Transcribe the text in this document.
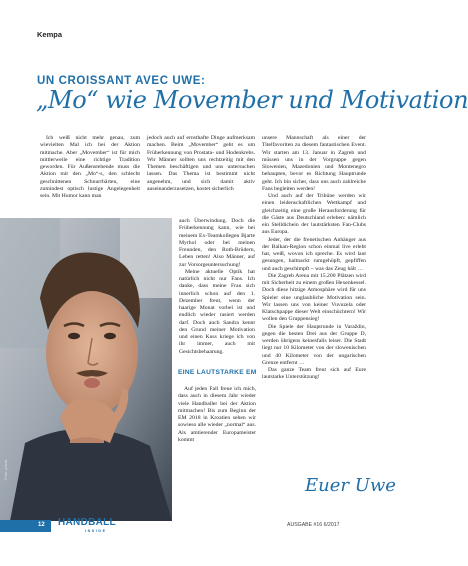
Kempa
UN CROISSANT AVEC UWE:
„Mo“ wie Movember und Motivation

Ich weiß nicht mehr genau, zum wievielten Mal ich bei der Aktion mitmache. Aber „Movember“ ist für mich mittlerweile eine richtige Tradition geworden. Für Außenstehende muss die Aktion mit den „Mo“-s, den schlecht geschnittenen Schnurrbärten, eine zumindest optisch lustige Angelegenheit sein. Mit Humor kann man

jedoch auch auf ernsthafte Dinge aufmerksam machen. Beim „Movember“ geht es um Früherkennung von Prostata- und Hodenkrebs. Wir Männer sollten uns rechtzeitig mit den Themen beschäftigen und uns untersuchen lassen. Das Thema ist bestimmt nicht angenehm, und sich damit aktiv auseinanderzusetzen, kostet sicherlich

auch Überwindung. Doch die Früherkennung kann, wie bei meinem Ex-Teamkollegen Bjarte Myrhol oder bei meinen Freunden, den Roth-Brüdern, Leben retten! Also Männer, auf zur Vorsorgeuntersuchung!

Meine aktuelle Optik hat natürlich nicht nur Fans. Ich danke, dass meine Frau sich innerlich schon auf den 1. Dezember freut, wenn der haarige Monat vorbei ist und endlich wieder rasiert werden darf. Doch auch Sandra kennt den Grund meiner Motivation und einen Kuss kriege ich von ihr immer, auch mit Gesichtsbehaarung.

EINE LAUTSTARKE EM

Auf jeden Fall freue ich mich, dass auch in diesem Jahr wieder viele Handballer bei der Aktion mitmachen! Bis zum Beginn der EM 2018 in Kroatien sehen wir sowieso alle wieder „normal“ aus. Als amtierender Europameister kommt

unsere Mannschaft als einer der Titelfavoriten zu diesem fantastischen Event. Wir starten am 13. Januar in Zagreb und müssen uns in der Vorgruppe gegen Slowenien, Mazedonien und Montenegro behaupten, bevor es Richtung Hauptrunde geht. Ich bin sicher, dass uns auch zahlreiche Fans begleiten werden!

Und auch auf der Tribüne werden wir einen leidenschaftlichen Wettkampf und gleichzeitig eine große Herausforderung für die Gäste aus Deutschland erleben: nämlich ein Stelldichein der lautstärksten Fan-Clubs aus Europa.

Jeder, der die frenetischen Anhänger aus der Balkan-Region schon einmal live erlebt hat, weiß, wovon ich spreche. Es wird laut gesungen, haltnackt rumgehüpft, gepfiffen und auch geschimpft – was das Zeug hält …

Die Zagreb Arena mit 15.200 Plätzen wird mit Sicherheit zu einem großen Hexenkessel. Doch diese hitzige Atmosphäre wird für uns Spieler eine unglaubliche Motivation sein. Wir lassen uns von keiner Vuvuzela oder Klatschpappe dieser Welt einschüchtern! Wir wollen den Gruppensieg!

Die Spiele der Hauptrunde in Varaždin, gegen die besten Drei aus der Gruppe D, werden übrigens keinesfalls leiser. Die Stadt liegt nur 10 Kilometer von der slowenischen und 40 Kilometer von der ungarischen Grenze entfernt …

Das ganze Team freut sich auf Eure lautstarke Unterstützung!

Foto: privat
Euer Uwe
12 HANDBALL
INSIDE
AUSGABE #16 6/2017
